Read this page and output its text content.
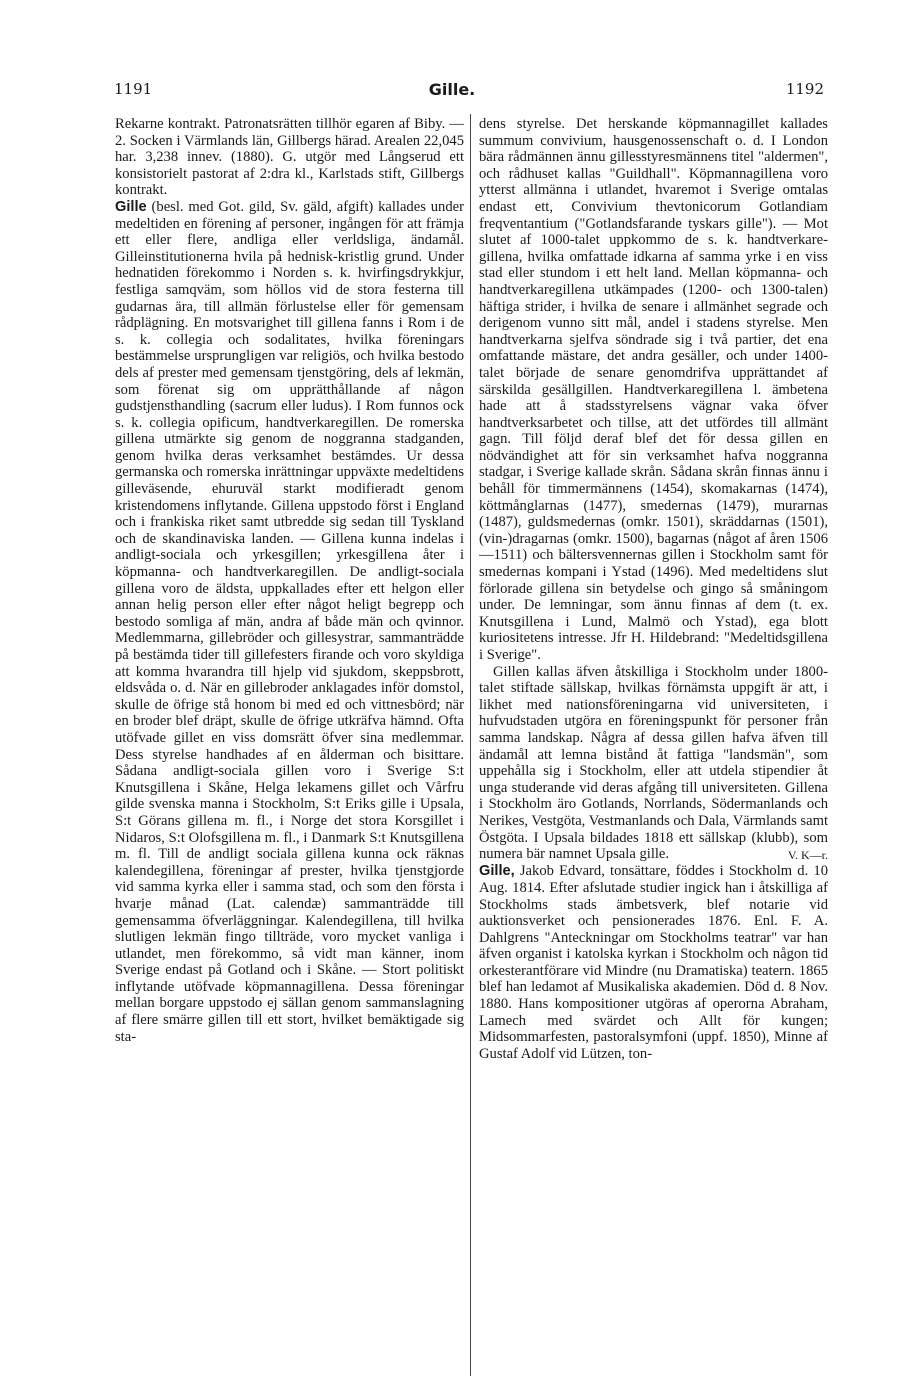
1191	Gille.	1192

Rekarne kontrakt. Patronatsrätten tillhör egaren af Biby. — 2. Socken i Värmlands län, Gillbergs härad. Arealen 22,045 har. 3,238 innev. (1880). G. utgör med Långserud ett konsistorielt pastorat af 2:dra kl., Karlstads stift, Gillbergs kontrakt.

Gille (besl. med Got. gild, Sv. gäld, afgift) kallades under medeltiden en förening af personer, ingången för att främja ett eller flere, andliga eller verldsliga, ändamål. Gilleinstitutionerna hvila på hednisk-kristlig grund. Under hednatiden förekommo i Norden s. k. hvirfingsdrykkjur, festliga samqväm, som höllos vid de stora festerna till gudarnas ära, till allmän förlustelse eller för gemensam rådplägning. En motsvarighet till gillena fanns i Rom i de s. k. collegia och sodalitates, hvilka föreningars bestämmelse ursprungligen var religiös, och hvilka bestodo dels af prester med gemensam tjenstgöring, dels af lekmän, som förenat sig om upprätthållande af någon gudstjensthandling (sacrum eller ludus). I Rom funnos ock s. k. collegia opificum, handtverkaregillen. De romerska gillena utmärkte sig genom de noggranna stadganden, genom hvilka deras verksamhet bestämdes. Ur dessa germanska och romerska inrättningar uppväxte medeltidens gilleväsende, ehuruväl starkt modifieradt genom kristendomens inflytande. Gillena uppstodo först i England och i frankiska riket samt utbredde sig sedan till Tyskland och de skandinaviska landen. — Gillena kunna indelas i andligt-sociala och yrkesgillen; yrkesgillena åter i köpmanna- och handtverkaregillen. De andligt-sociala gillena voro de äldsta, uppkallades efter ett helgon eller annan helig person eller efter något heligt begrepp och bestodo somliga af män, andra af både män och qvinnor. Medlemmarna, gillebröder och gillesystrar, sammanträdde på bestämda tider till gillefesters firande och voro skyldiga att komma hvarandra till hjelp vid sjukdom, skeppsbrott, eldsvåda o. d. När en gillebroder anklagades inför domstol, skulle de öfrige stå honom bi med ed och vittnesbörd; när en broder blef dräpt, skulle de öfrige utkräfva hämnd. Ofta utöfvade gillet en viss domsrätt öfver sina medlemmar. Dess styrelse handhades af en ålderman och bisittare. Sådana andligt-sociala gillen voro i Sverige S:t Knutsgillena i Skåne, Helga lekamens gillet och Vårfru gilde svenska manna i Stockholm, S:t Eriks gille i Upsala, S:t Görans gillena m. fl., i Norge det stora Korsgillet i Nidaros, S:t Olofsgillena m. fl., i Danmark S:t Knutsgillena m. fl. Till de andligt sociala gillena kunna ock räknas kalendegillena, föreningar af prester, hvilka tjenstgjorde vid samma kyrka eller i samma stad, och som den första i hvarje månad (Lat. calendæ) sammanträdde till gemensamma öfverläggningar. Kalendegillena, till hvilka slutligen lekmän fingo tillträde, voro mycket vanliga i utlandet, men förekommo, så vidt man känner, inom Sverige endast på Gotland och i Skåne. — Stort politiskt inflytande utöfvade köpmannagillena. Dessa föreningar mellan borgare uppstodo ej sällan genom sammanslagning af flere smärre gillen till ett stort, hvilket bemäktigade sig sta-

dens styrelse. Det herskande köpmannagillet kallades summum convivium, hausgenossenschaft o. d. I London bära rådmännen ännu gillesstyresmännens titel "aldermen", och rådhuset kallas "Guildhall". Köpmannagillena voro ytterst allmänna i utlandet, hvaremot i Sverige omtalas endast ett, Convivium thevtonicorum Gotlandiam freqventantium ("Gotlandsfarande tyskars gille"). — Mot slutet af 1000-talet uppkommo de s. k. handtverkare-gillena, hvilka omfattade idkarna af samma yrke i en viss stad eller stundom i ett helt land. Mellan köpmanna- och handtverkaregillena utkämpades (1200- och 1300-talen) häftiga strider, i hvilka de senare i allmänhet segrade och derigenom vunno sitt mål, andel i stadens styrelse. Men handtverkarna sjelfva söndrade sig i två partier, det ena omfattande mästare, det andra gesäller, och under 1400-talet började de senare genomdrifva upprättandet af särskilda gesällgillen. Handtverkaregillena l. ämbetena hade att å stadsstyrelsens vägnar vaka öfver handtverksarbetet och tillse, att det utfördes till allmänt gagn. Till följd deraf blef det för dessa gillen en nödvändighet att för sin verksamhet hafva noggranna stadgar, i Sverige kallade skrån. Sådana skrån finnas ännu i behåll för timmermännens (1454), skomakarnas (1474), köttmånglarnas (1477), smedernas (1479), murarnas (1487), guldsmedernas (omkr. 1501), skräddarnas (1501), (vin-)dragarnas (omkr. 1500), bagarnas (något af åren 1506—1511) och bältersvennernas gillen i Stockholm samt för smedernas kompani i Ystad (1496). Med medeltidens slut förlorade gillena sin betydelse och gingo så småningom under. De lemningar, som ännu finnas af dem (t. ex. Knutsgillena i Lund, Malmö och Ystad), ega blott kuriositetens intresse. Jfr H. Hildebrand: "Medeltidsgillena i Sverige".

Gillen kallas äfven åtskilliga i Stockholm under 1800-talet stiftade sällskap, hvilkas förnämsta uppgift är att, i likhet med nationsföreningarna vid universiteten, i hufvudstaden utgöra en föreningspunkt för personer från samma landskap. Några af dessa gillen hafva äfven till ändamål att lemna bistånd åt fattiga "landsmän", som uppehålla sig i Stockholm, eller att utdela stipendier åt unga studerande vid deras afgång till universiteten. Gillena i Stockholm äro Gotlands, Norrlands, Södermanlands och Nerikes, Vestgöta, Vestmanlands och Dala, Värmlands samt Östgöta. I Upsala bildades 1818 ett sällskap (klubb), som numera bär namnet Upsala gille.	V. K—r.

Gille, Jakob Edvard, tonsättare, föddes i Stockholm d. 10 Aug. 1814. Efter afslutade studier ingick han i åtskilliga af Stockholms stads ämbetsverk, blef notarie vid auktionsverket och pensionerades 1876. Enl. F. A. Dahlgrens "Anteckningar om Stockholms teatrar" var han äfven organist i katolska kyrkan i Stockholm och någon tid orkesterantförare vid Mindre (nu Dramatiska) teatern. 1865 blef han ledamot af Musikaliska akademien. Död d. 8 Nov. 1880. Hans kompositioner utgöras af operorna Abraham, Lamech med svärdet och Allt för kungen; Midsommarfesten, pastoralsymfoni (uppf. 1850), Minne af Gustaf Adolf vid Lützen, ton-
